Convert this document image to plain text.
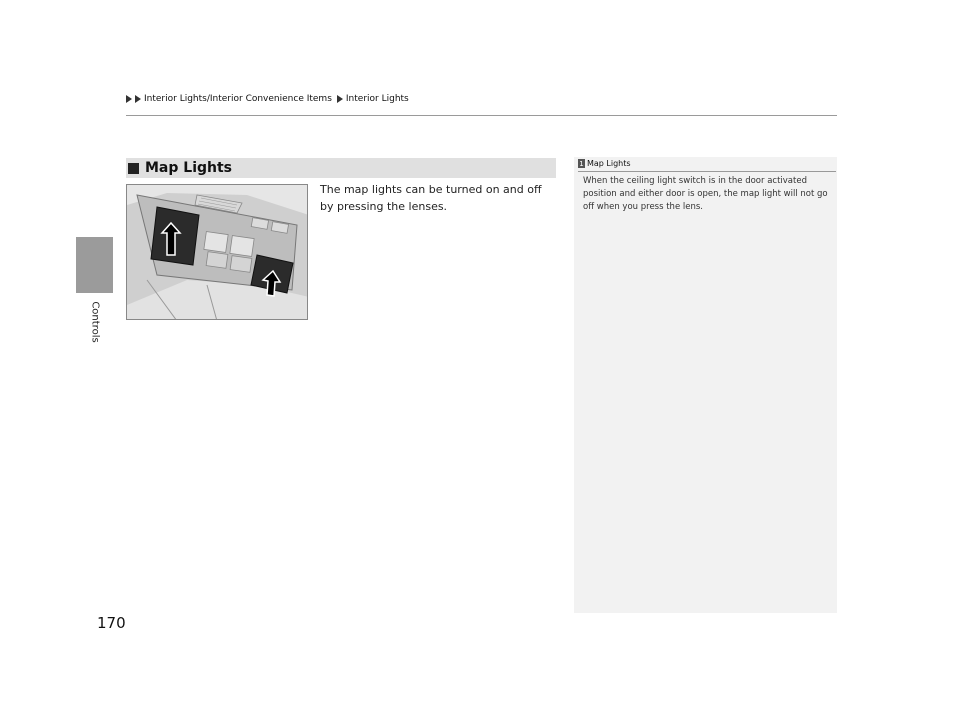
Interior Lights/Interior Convenience Items Interior Lights
Controls
170
Map Lights
The map lights can be turned on and off by pressing the lenses.
1 Map Lights
When the ceiling light switch is in the door activated position and either door is open, the map light will not go off when you press the lens.
